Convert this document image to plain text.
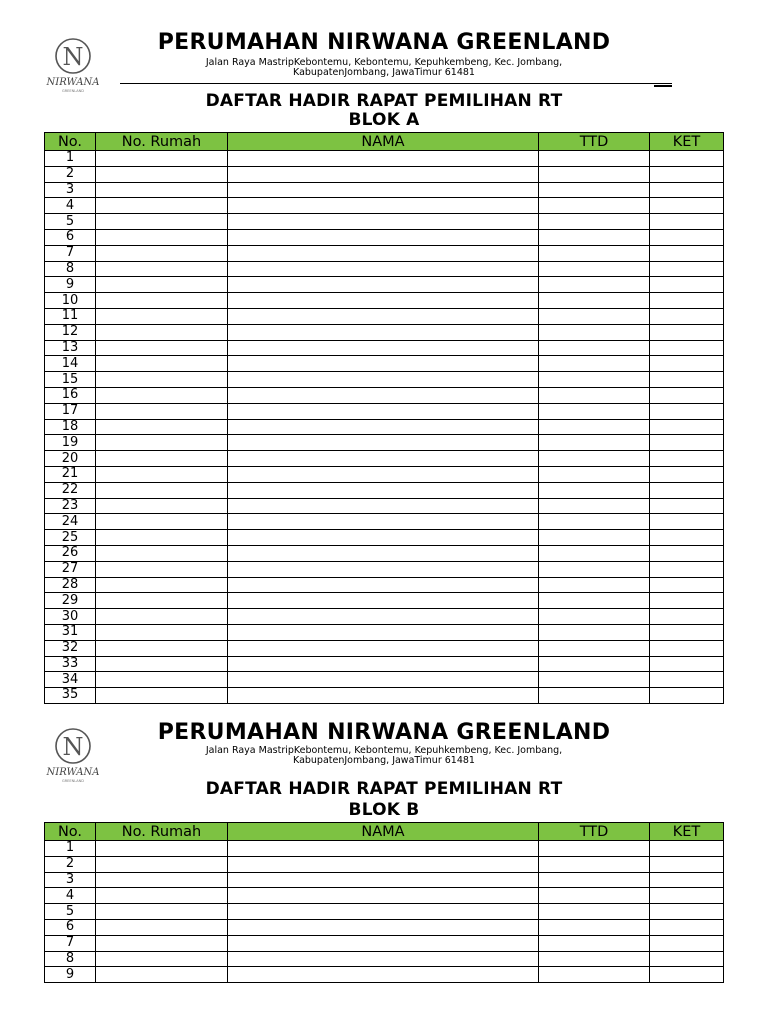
N
NIRWANA
GREENLAND
PERUMAHAN NIRWANA GREENLAND
Jalan Raya MastripKebontemu, Kebontemu, Kepuhkembeng, Kec. Jombang,
KabupatenJombang, JawaTimur 61481
DAFTAR HADIR RAPAT PEMILIHAN RT
BLOK A
No.	No. Rumah	NAMA	TTD	KET
1				
2				
3				
4				
5				
6				
7				
8				
9				
10				
11				
12				
13				
14				
15				
16				
17				
18				
19				
20				
21				
22				
23				
24				
25				
26				
27				
28				
29				
30				
31				
32				
33				
34				
35				
N
NIRWANA
GREENLAND
PERUMAHAN NIRWANA GREENLAND
Jalan Raya MastripKebontemu, Kebontemu, Kepuhkembeng, Kec. Jombang,
KabupatenJombang, JawaTimur 61481
DAFTAR HADIR RAPAT PEMILIHAN RT
BLOK B
No.	No. Rumah	NAMA	TTD	KET
1				
2				
3				
4				
5				
6				
7				
8				
9				
